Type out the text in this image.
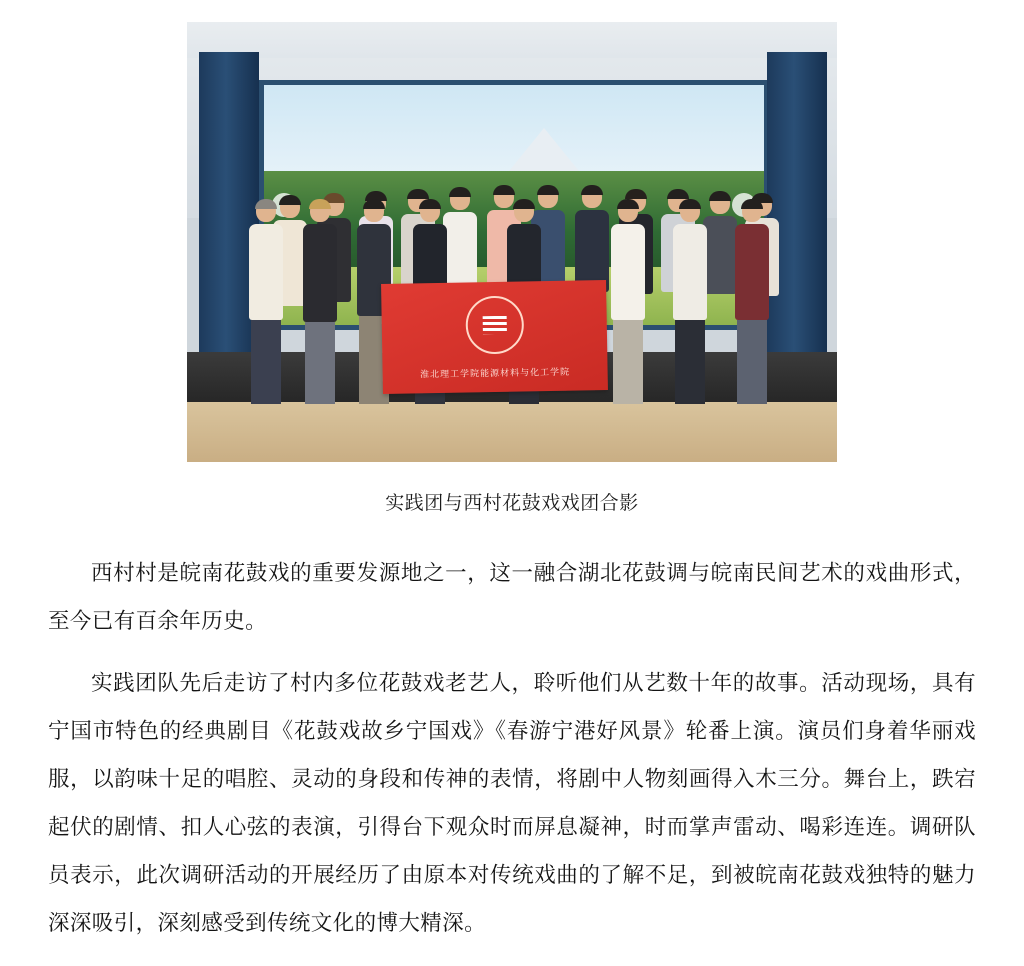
淮北理工学院能源材料与化工学院
实践团与西村花鼓戏戏团合影

西村村是皖南花鼓戏的重要发源地之一，这一融合湖北花鼓调与皖南民间艺术的戏曲形式，至今已有百余年历史。

实践团队先后走访了村内多位花鼓戏老艺人，聆听他们从艺数十年的故事。活动现场，具有宁国市特色的经典剧目《花鼓戏故乡宁国戏》《春游宁港好风景》轮番上演。演员们身着华丽戏服，以韵味十足的唱腔、灵动的身段和传神的表情，将剧中人物刻画得入木三分。舞台上，跌宕起伏的剧情、扣人心弦的表演，引得台下观众时而屏息凝神，时而掌声雷动、喝彩连连。调研队员表示，此次调研活动的开展经历了由原本对传统戏曲的了解不足，到被皖南花鼓戏独特的魅力深深吸引，深刻感受到传统文化的博大精深。
